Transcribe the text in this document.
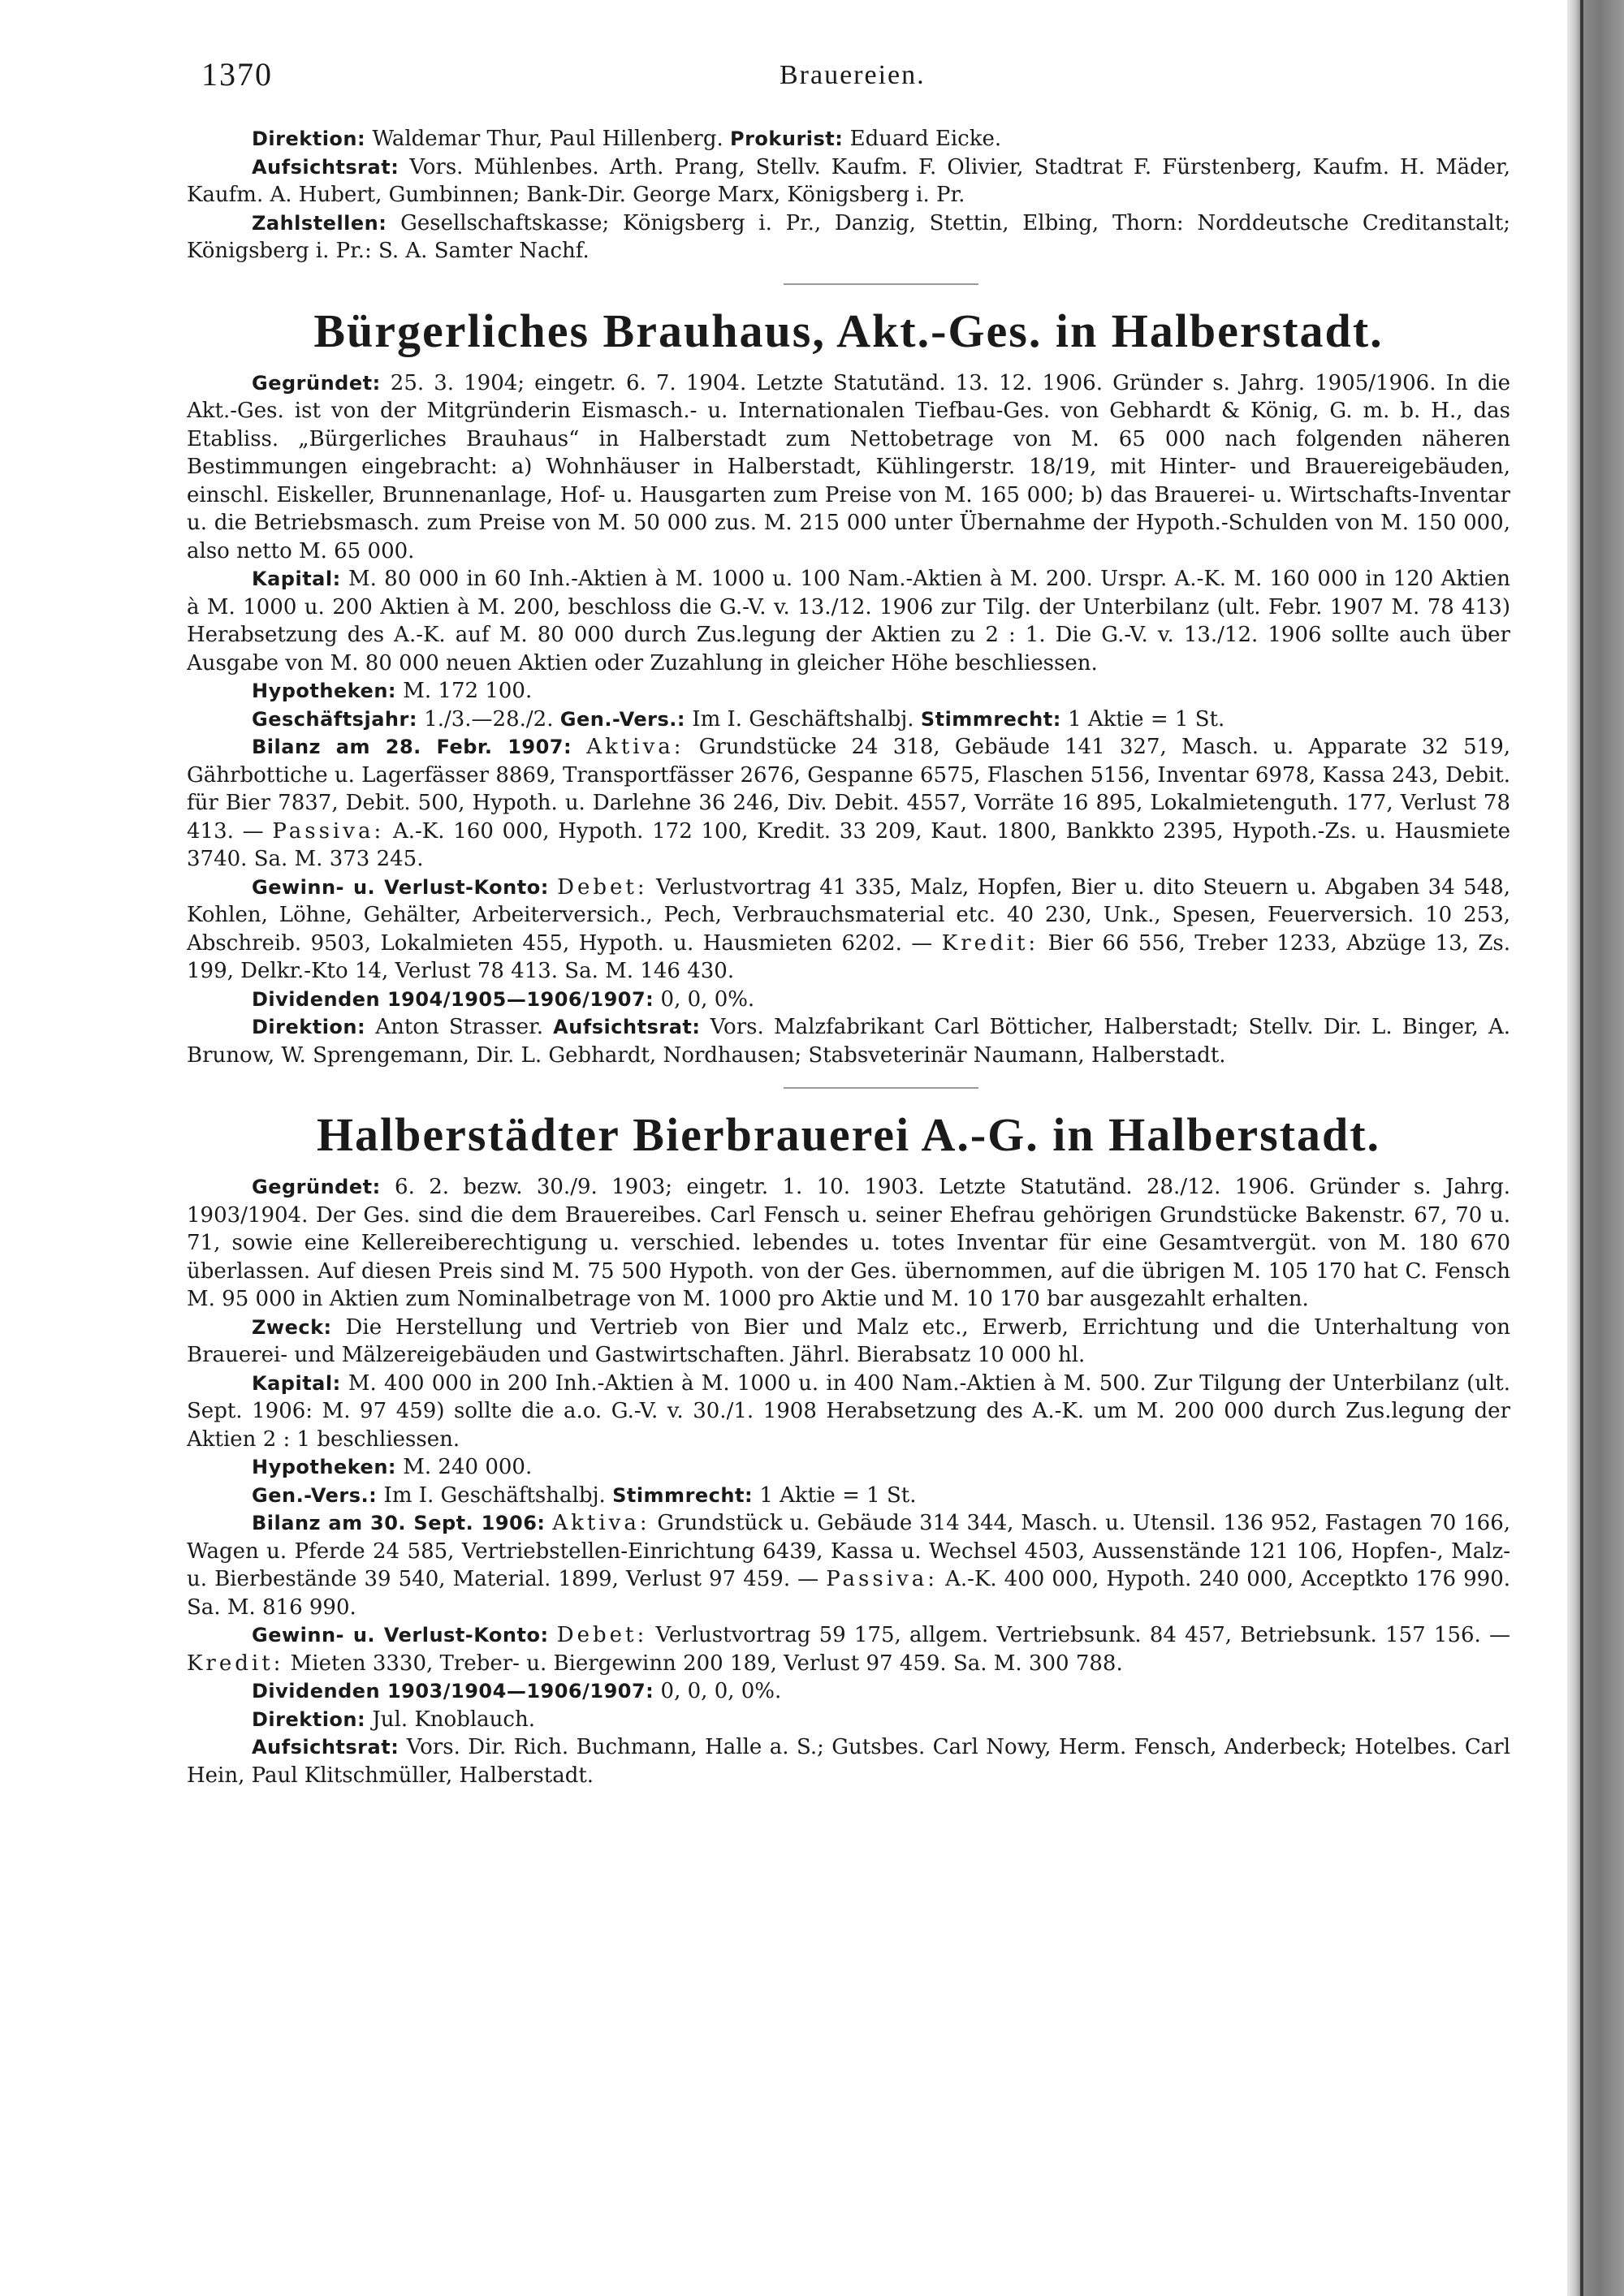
1370	Brauereien.

Direktion: Waldemar Thur, Paul Hillenberg. Prokurist: Eduard Eicke.

Aufsichtsrat: Vors. Mühlenbes. Arth. Prang, Stellv. Kaufm. F. Olivier, Stadtrat F. Fürstenberg, Kaufm. H. Mäder, Kaufm. A. Hubert, Gumbinnen; Bank-Dir. George Marx, Königsberg i. Pr.

Zahlstellen: Gesellschaftskasse; Königsberg i. Pr., Danzig, Stettin, Elbing, Thorn: Norddeutsche Creditanstalt; Königsberg i. Pr.: S. A. Samter Nachf.

Bürgerliches Brauhaus, Akt.-Ges. in Halberstadt.

Gegründet: 25. 3. 1904; eingetr. 6. 7. 1904. Letzte Statutänd. 13. 12. 1906. Gründer s. Jahrg. 1905/1906. In die Akt.-Ges. ist von der Mitgründerin Eismasch.- u. Internationalen Tiefbau-Ges. von Gebhardt & König, G. m. b. H., das Etabliss. „Bürgerliches Brauhaus“ in Halberstadt zum Nettobetrage von M. 65 000 nach folgenden näheren Bestimmungen eingebracht: a) Wohnhäuser in Halberstadt, Kühlingerstr. 18/19, mit Hinter- und Brauereigebäuden, einschl. Eiskeller, Brunnenanlage, Hof- u. Hausgarten zum Preise von M. 165 000; b) das Brauerei- u. Wirtschafts-Inventar u. die Betriebsmasch. zum Preise von M. 50 000 zus. M. 215 000 unter Übernahme der Hypoth.-Schulden von M. 150 000, also netto M. 65 000.

Kapital: M. 80 000 in 60 Inh.-Aktien à M. 1000 u. 100 Nam.-Aktien à M. 200. Urspr. A.-K. M. 160 000 in 120 Aktien à M. 1000 u. 200 Aktien à M. 200, beschloss die G.-V. v. 13./12. 1906 zur Tilg. der Unterbilanz (ult. Febr. 1907 M. 78 413) Herabsetzung des A.-K. auf M. 80 000 durch Zus.legung der Aktien zu 2 : 1. Die G.-V. v. 13./12. 1906 sollte auch über Ausgabe von M. 80 000 neuen Aktien oder Zuzahlung in gleicher Höhe beschliessen.

Hypotheken: M. 172 100.

Geschäftsjahr: 1./3.—28./2. Gen.-Vers.: Im I. Geschäftshalbj. Stimmrecht: 1 Aktie = 1 St.

Bilanz am 28. Febr. 1907: Aktiva: Grundstücke 24 318, Gebäude 141 327, Masch. u. Apparate 32 519, Gährbottiche u. Lagerfässer 8869, Transportfässer 2676, Gespanne 6575, Flaschen 5156, Inventar 6978, Kassa 243, Debit. für Bier 7837, Debit. 500, Hypoth. u. Darlehne 36 246, Div. Debit. 4557, Vorräte 16 895, Lokalmietenguth. 177, Verlust 78 413. — Passiva: A.-K. 160 000, Hypoth. 172 100, Kredit. 33 209, Kaut. 1800, Bankkto 2395, Hypoth.-Zs. u. Hausmiete 3740. Sa. M. 373 245.

Gewinn- u. Verlust-Konto: Debet: Verlustvortrag 41 335, Malz, Hopfen, Bier u. dito Steuern u. Abgaben 34 548, Kohlen, Löhne, Gehälter, Arbeiterversich., Pech, Verbrauchsmaterial etc. 40 230, Unk., Spesen, Feuerversich. 10 253, Abschreib. 9503, Lokalmieten 455, Hypoth. u. Hausmieten 6202. — Kredit: Bier 66 556, Treber 1233, Abzüge 13, Zs. 199, Delkr.-Kto 14, Verlust 78 413. Sa. M. 146 430.

Dividenden 1904/1905—1906/1907: 0, 0, 0%.

Direktion: Anton Strasser. Aufsichtsrat: Vors. Malzfabrikant Carl Bötticher, Halberstadt; Stellv. Dir. L. Binger, A. Brunow, W. Sprengemann, Dir. L. Gebhardt, Nordhausen; Stabsveterinär Naumann, Halberstadt.

Halberstädter Bierbrauerei A.-G. in Halberstadt.

Gegründet: 6. 2. bezw. 30./9. 1903; eingetr. 1. 10. 1903. Letzte Statutänd. 28./12. 1906. Gründer s. Jahrg. 1903/1904. Der Ges. sind die dem Brauereibes. Carl Fensch u. seiner Ehefrau gehörigen Grundstücke Bakenstr. 67, 70 u. 71, sowie eine Kellereiberechtigung u. verschied. lebendes u. totes Inventar für eine Gesamtvergüt. von M. 180 670 überlassen. Auf diesen Preis sind M. 75 500 Hypoth. von der Ges. übernommen, auf die übrigen M. 105 170 hat C. Fensch M. 95 000 in Aktien zum Nominalbetrage von M. 1000 pro Aktie und M. 10 170 bar ausgezahlt erhalten.

Zweck: Die Herstellung und Vertrieb von Bier und Malz etc., Erwerb, Errichtung und die Unterhaltung von Brauerei- und Mälzereigebäuden und Gastwirtschaften. Jährl. Bierabsatz 10 000 hl.

Kapital: M. 400 000 in 200 Inh.-Aktien à M. 1000 u. in 400 Nam.-Aktien à M. 500. Zur Tilgung der Unterbilanz (ult. Sept. 1906: M. 97 459) sollte die a.o. G.-V. v. 30./1. 1908 Herabsetzung des A.-K. um M. 200 000 durch Zus.legung der Aktien 2 : 1 beschliessen.

Hypotheken: M. 240 000.

Gen.-Vers.: Im I. Geschäftshalbj. Stimmrecht: 1 Aktie = 1 St.

Bilanz am 30. Sept. 1906: Aktiva: Grundstück u. Gebäude 314 344, Masch. u. Utensil. 136 952, Fastagen 70 166, Wagen u. Pferde 24 585, Vertriebstellen-Einrichtung 6439, Kassa u. Wechsel 4503, Aussenstände 121 106, Hopfen-, Malz- u. Bierbestände 39 540, Material. 1899, Verlust 97 459. — Passiva: A.-K. 400 000, Hypoth. 240 000, Acceptkto 176 990. Sa. M. 816 990.

Gewinn- u. Verlust-Konto: Debet: Verlustvortrag 59 175, allgem. Vertriebsunk. 84 457, Betriebsunk. 157 156. — Kredit: Mieten 3330, Treber- u. Biergewinn 200 189, Verlust 97 459. Sa. M. 300 788.

Dividenden 1903/1904—1906/1907: 0, 0, 0, 0%.

Direktion: Jul. Knoblauch.

Aufsichtsrat: Vors. Dir. Rich. Buchmann, Halle a. S.; Gutsbes. Carl Nowy, Herm. Fensch, Anderbeck; Hotelbes. Carl Hein, Paul Klitschmüller, Halberstadt.
